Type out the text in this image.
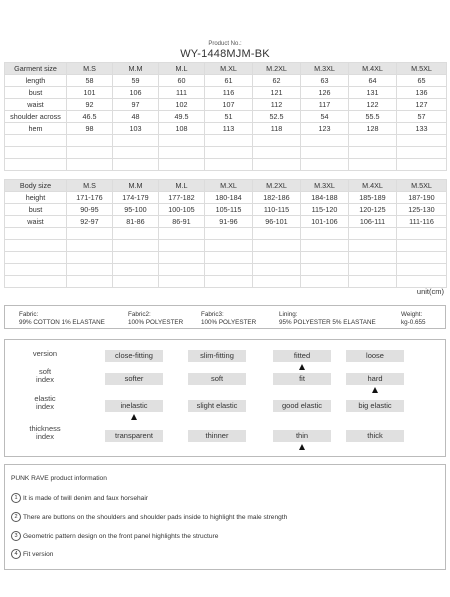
Product No.:
WY-1448MJM-BK
Garment size	M.S	M.M	M.L	M.XL	M.2XL	M.3XL	M.4XL	M.5XL
length	58	59	60	61	62	63	64	65
bust	101	106	111	116	121	126	131	136
waist	92	97	102	107	112	117	122	127
shoulder across	46.5	48	49.5	51	52.5	54	55.5	57
hem	98	103	108	113	118	123	128	133

Body size	M.S	M.M	M.L	M.XL	M.2XL	M.3XL	M.4XL	M.5XL
height	171-176	174-179	177-182	180-184	182-186	184-188	185-189	187-190
bust	90-95	95-100	100-105	105-115	110-115	115-120	120-125	125-130
waist	92-97	81-86	86-91	91-96	96-101	101-106	106-111	111-116

unit(cm)
Fabric:
99% COTTON 1% ELASTANE
Fabric2:
100% POLYESTER
Fabric3:
100% POLYESTER
Lining:
95% POLYESTER 5% ELASTANE
Weight:
kg-0.655
version	close-fitting	slim-fitting	fitted	loose
soft
index	softer	soft	fit	hard
elastic
index	inelastic	slight elastic	good elastic	big elastic
thickness
index	transparent	thinner	thin	thick
PUNK RAVE product information
1 It is made of twill denim and faux horsehair
2 There are buttons on the shoulders and shoulder pads inside to highlight the male strength
3 Geometric pattern design on the front panel highlights the structure
4 Fit version
